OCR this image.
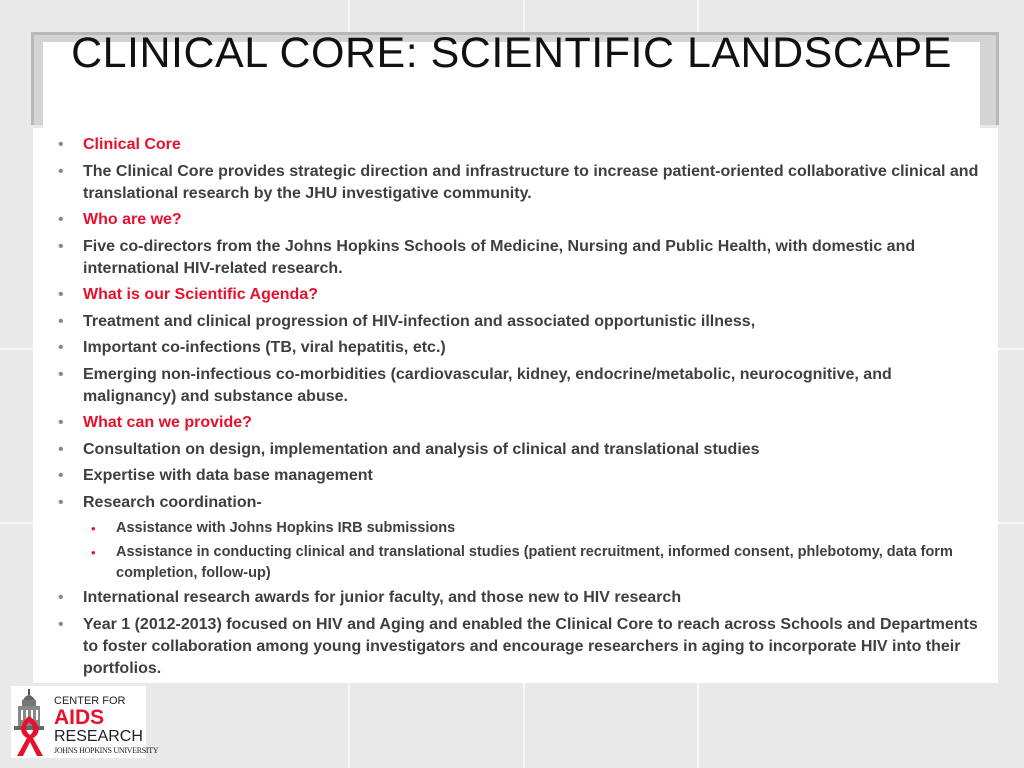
CLINICAL CORE: SCIENTIFIC LANDSCAPE
• Clinical Core
• The Clinical Core provides strategic direction and infrastructure to increase patient-oriented collaborative clinical and translational research by the JHU investigative community.
• Who are we?
• Five co-directors from the Johns Hopkins Schools of Medicine, Nursing and Public Health, with domestic and international HIV-related research.
• What is our Scientific Agenda?
• Treatment and clinical progression of HIV-infection and associated opportunistic illness,
• Important co-infections (TB, viral hepatitis, etc.)
• Emerging non-infectious co-morbidities (cardiovascular, kidney, endocrine/metabolic, neurocognitive, and malignancy) and substance abuse.
• What can we provide?
• Consultation on design, implementation and analysis of clinical and translational studies
• Expertise with data base management
• Research coordination-
• Assistance with Johns Hopkins IRB submissions
• Assistance in conducting clinical and translational studies (patient recruitment, informed consent, phlebotomy, data form completion, follow-up)
• International research awards for junior faculty, and those new to HIV research
• Year 1 (2012-2013) focused on HIV and Aging and enabled the Clinical Core to reach across Schools and Departments to foster collaboration among young investigators and encourage researchers in aging to incorporate HIV into their portfolios.
CENTER FOR
AIDS
RESEARCH
JOHNS HOPKINS UNIVERSITY
